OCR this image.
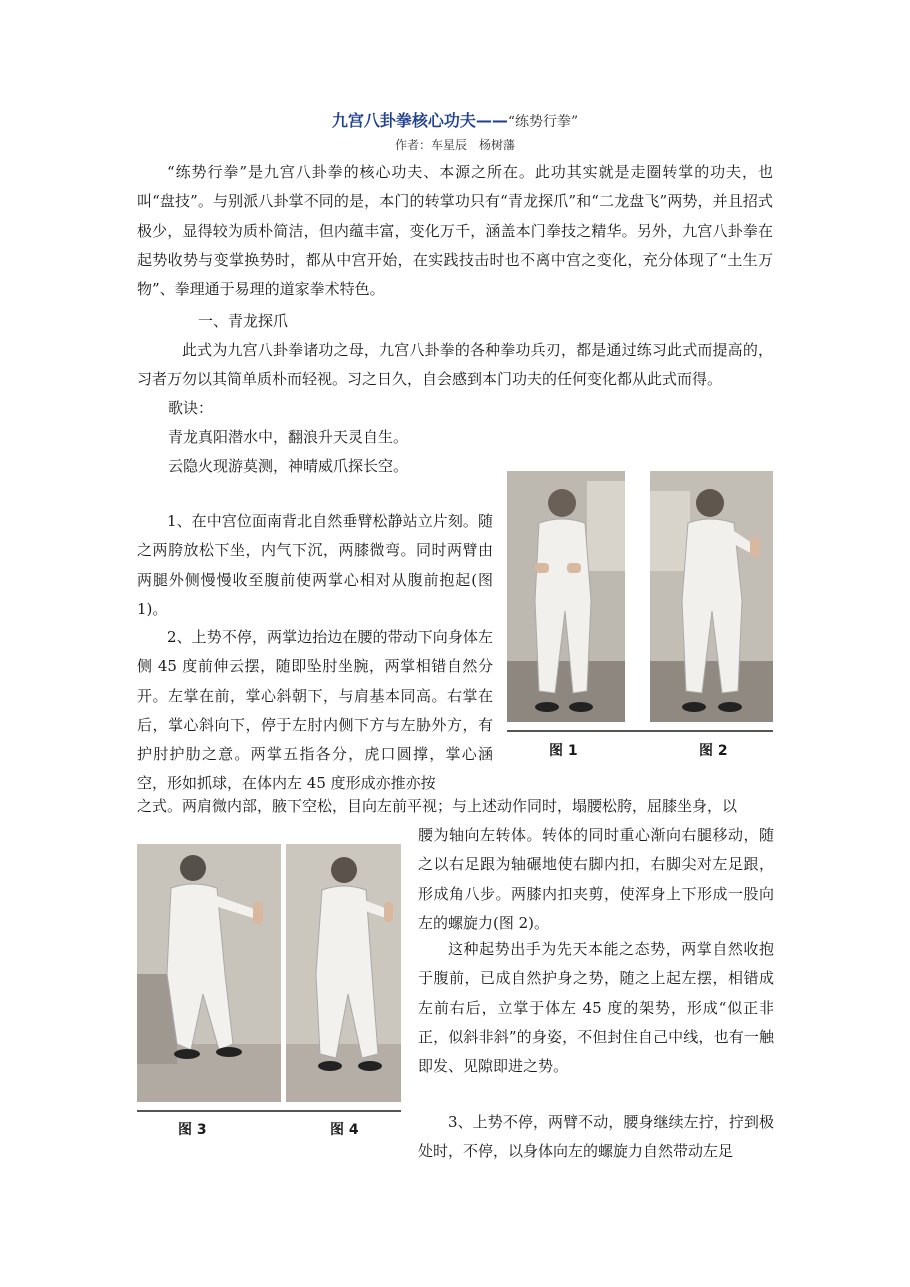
九宫八卦拳核心功夫——“练势行拳”
作者：车星辰　杨树藩
“练势行拳”是九宫八卦拳的核心功夫、本源之所在。此功其实就是走圈转掌的功夫，也叫“盘技”。与别派八卦掌不同的是，本门的转掌功只有“青龙探爪”和“二龙盘飞”两势，并且招式极少，显得较为质朴简洁，但内蕴丰富，变化万千，涵盖本门拳技之精华。另外，九宫八卦拳在起势收势与变掌换势时，都从中宫开始，在实践技击时也不离中宫之变化，充分体现了“土生万物”、拳理通于易理的道家拳术特色。
一、青龙探爪
此式为九宫八卦拳诸功之母，九宫八卦拳的各种拳功兵刃，都是通过练习此式而提高的，习者万勿以其简单质朴而轻视。习之日久，自会感到本门功夫的任何变化都从此式而得。
歌诀：
青龙真阳潜水中，翻浪升天灵自生。
云隐火现游莫测，神晴威爪探长空。
1、在中宫位面南背北自然垂臂松静站立片刻。随之两胯放松下坐，内气下沉，两膝微弯。同时两臂由两腿外侧慢慢收至腹前使两掌心相对从腹前抱起(图 1)。
2、上势不停，两掌边抬边在腰的带动下向身体左侧 45 度前伸云摆，随即坠肘坐腕，两掌相错自然分开。左掌在前，掌心斜朝下，与肩基本同高。右掌在后，掌心斜向下，停于左肘内侧下方与左胁外方，有护肘护肋之意。两掌五指各分，虎口圆撑，掌心涵空，形如抓球，在体内左 45 度形成亦推亦按
之式。两肩微内部，腋下空松，目向左前平视；与上述动作同时，塌腰松胯，屈膝坐身，以
腰为轴向左转体。转体的同时重心渐向右腿移动，随之以右足跟为轴碾地使右脚内扣，右脚尖对左足跟，形成角八步。两膝内扣夹剪，使浑身上下形成一股向左的螺旋力(图 2)。
这种起势出手为先天本能之态势，两掌自然收抱于腹前，已成自然护身之势，随之上起左摆，相错成左前右后，立掌于体左 45 度的架势，形成“似正非正，似斜非斜”的身姿，不但封住自己中线，也有一触即发、见隙即进之势。
3、上势不停，两臂不动，腰身继续左拧，拧到极处时，不停，以身体向左的螺旋力自然带动左足
图 1	图 2
图 3	图 4
